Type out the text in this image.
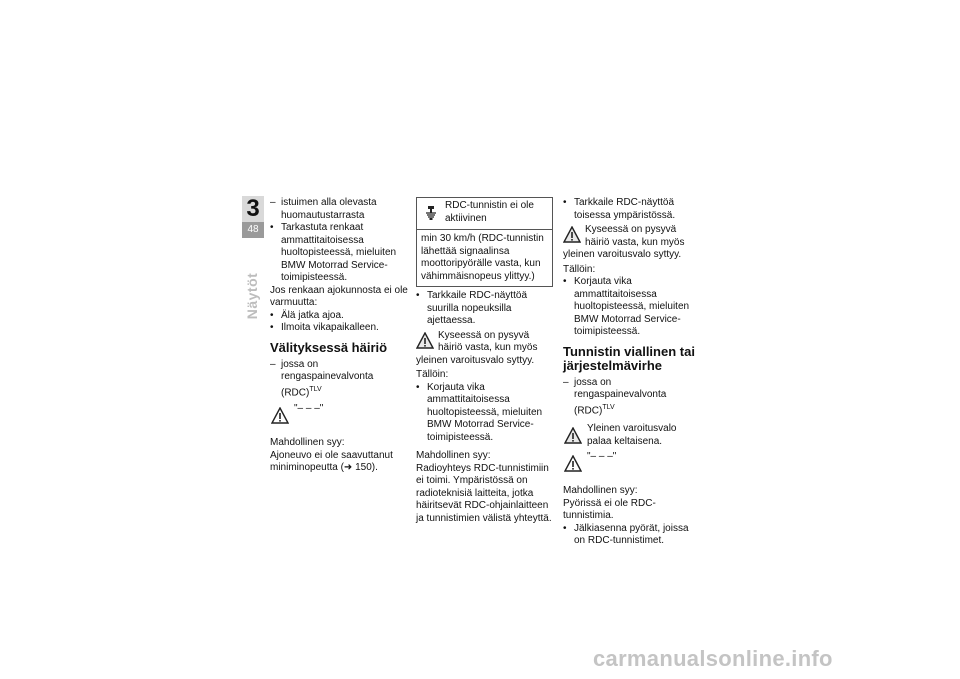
3
48
Näytöt

– istuimen alla olevasta huomautustarrasta

• Tarkastuta renkaat ammattitaitoisessa huoltopisteessä, mieluiten BMW Motorrad Service-toimipisteessä.

Jos renkaan ajokunnosta ei ole varmuutta:

• Älä jatka ajoa.

• Ilmoita vikapaikalleen.

Välityksessä häiriö

– jossa on rengaspainevalvonta (RDC)$^{TLV}$

"– – –"

Mahdollinen syy:

Ajoneuvo ei ole saavuttanut miniminopeutta (➜ 150).

RDC-tunnistin ei ole aktiivinen
min 30 km/h (RDC-tunnistin lähettää signaalinsa moottoripyörälle vasta, kun vähimmäisnopeus ylittyy.)

• Tarkkaile RDC-näyttöä suurilla nopeuksilla ajettaessa.

Kyseessä on pysyvä häiriö vasta, kun myös yleinen varoitusvalo syttyy.

Tällöin:

• Korjauta vika ammattitaitoisessa huoltopisteessä, mieluiten BMW Motorrad Service-toimipisteessä.

Mahdollinen syy:

Radioyhteys RDC-tunnistimiin ei toimi. Ympäristössä on radioteknisiä laitteita, jotka häiritsevät RDC-ohjainlaitteen ja tunnistimien välistä yhteyttä.

• Tarkkaile RDC-näyttöä toisessa ympäristössä.

Kyseessä on pysyvä häiriö vasta, kun myös yleinen varoitusvalo syttyy.

Tällöin:

• Korjauta vika ammattitaitoisessa huoltopisteessä, mieluiten BMW Motorrad Service-toimipisteessä.

Tunnistin viallinen tai järjestelmävirhe

– jossa on rengaspainevalvonta (RDC)$^{TLV}$

Yleinen varoitusvalo palaa keltaisena.
"– – –"

Mahdollinen syy:

Pyörissä ei ole RDC-tunnistimia.

• Jälkiasenna pyörät, joissa on RDC-tunnistimet.

carmanualsonline.info
